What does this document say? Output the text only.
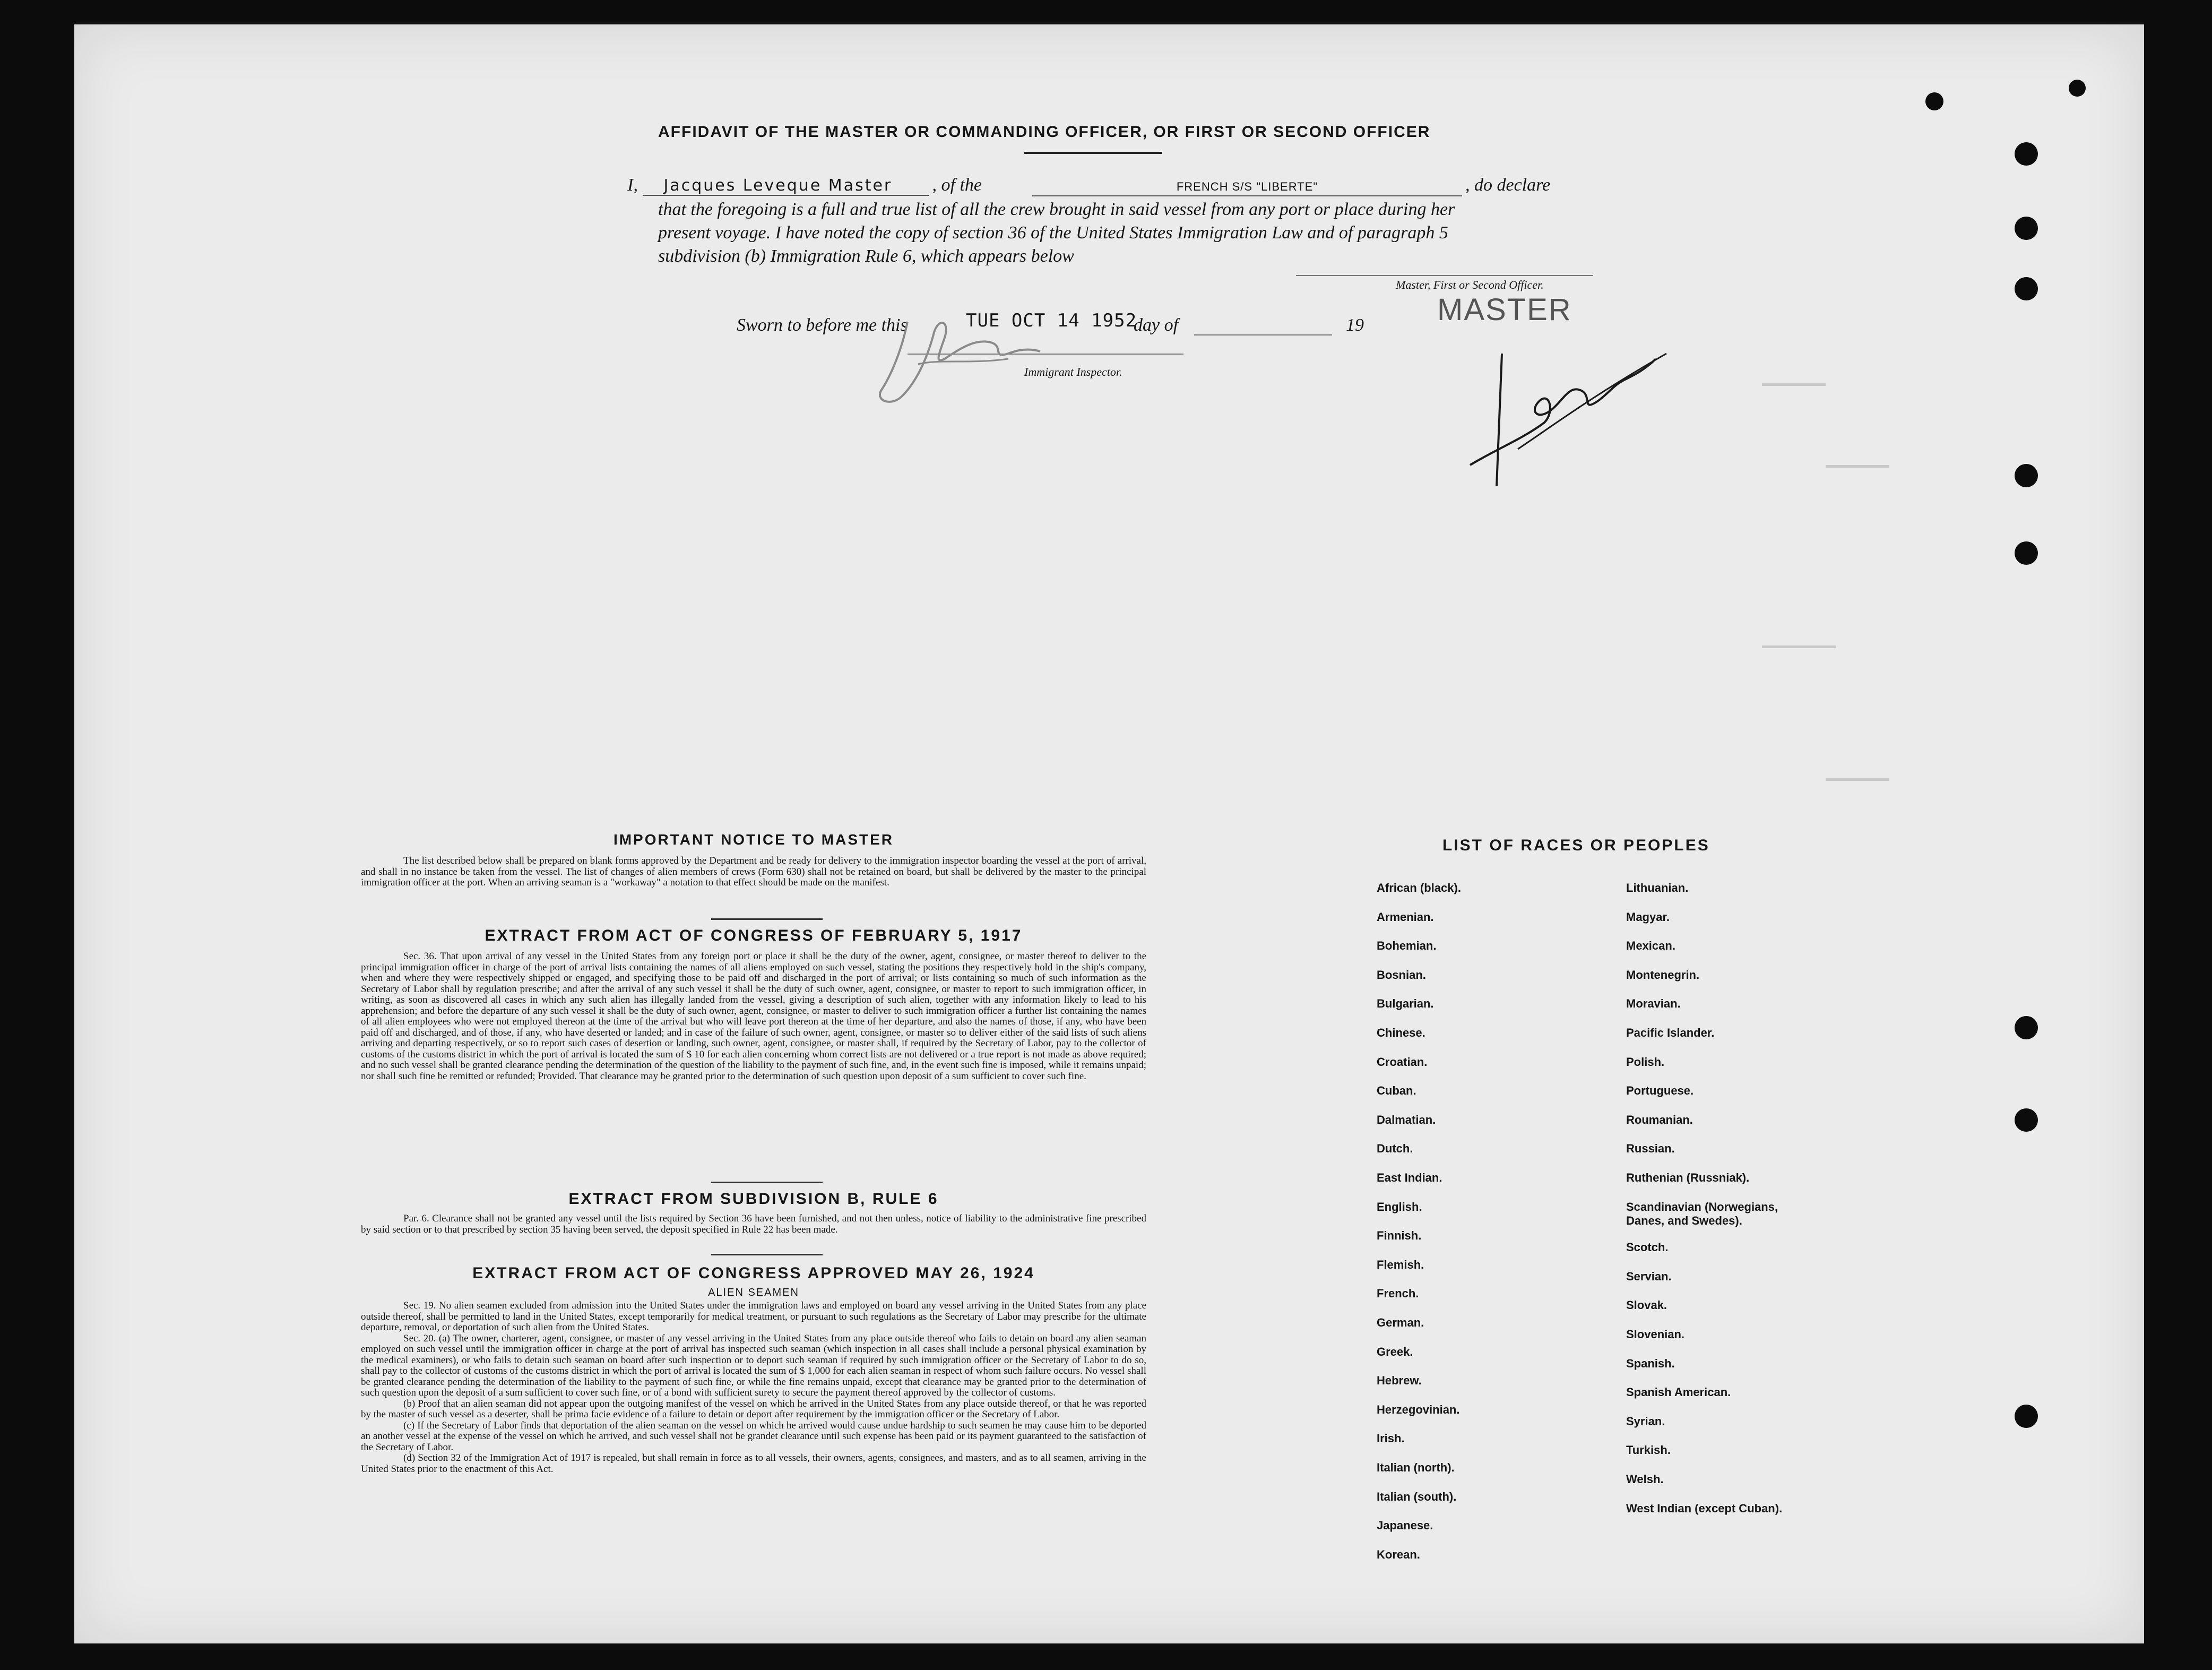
AFFIDAVIT OF THE MASTER OR COMMANDING OFFICER, OR FIRST OR SECOND OFFICER
I, Jacques Leveque Master , of the	FRENCH S/S "LIBERTE"	, do declare
that the foregoing is a full and true list of all the crew brought in said vessel from any port or place during her
present voyage. I have noted the copy of section 36 of the United States Immigration Law and of paragraph 5
subdivision (b) Immigration Rule 6, which appears below
Master, First or Second Officer.
Sworn to before me this	TUE OCT 14 1952
day of	19
Immigrant Inspector.
MASTER
IMPORTANT NOTICE TO MASTER
The list described below shall be prepared on blank forms approved by the Department and be ready for delivery to the immigration inspector boarding the vessel at the port of arrival, and shall in no instance be taken from the vessel. The list of changes of alien members of crews (Form 630) shall not be retained on board, but shall be delivered by the master to the principal immigration officer at the port. When an arriving seaman is a "workaway" a notation to that effect should be made on the manifest.
EXTRACT FROM ACT OF CONGRESS OF FEBRUARY 5, 1917
Sec. 36. That upon arrival of any vessel in the United States from any foreign port or place it shall be the duty of the owner, agent, consignee, or master thereof to deliver to the principal immigration officer in charge of the port of arrival lists containing the names of all aliens employed on such vessel, stating the positions they respectively hold in the ship's company, when and where they were respectively shipped or engaged, and specifying those to be paid off and discharged in the port of arrival; or lists containing so much of such information as the Secretary of Labor shall by regulation prescribe; and after the arrival of any such vessel it shall be the duty of such owner, agent, consignee, or master to report to such immigration officer, in writing, as soon as discovered all cases in which any such alien has illegally landed from the vessel, giving a description of such alien, together with any information likely to lead to his apprehension; and before the departure of any such vessel it shall be the duty of such owner, agent, consignee, or master to deliver to such immigration officer a further list containing the names of all alien employees who were not employed thereon at the time of the arrival but who will leave port thereon at the time of her departure, and also the names of those, if any, who have been paid off and discharged, and of those, if any, who have deserted or landed; and in case of the failure of such owner, agent, consignee, or master so to deliver either of the said lists of such aliens arriving and departing respectively, or so to report such cases of desertion or landing, such owner, agent, consignee, or master shall, if required by the Secretary of Labor, pay to the collector of customs of the customs district in which the port of arrival is located the sum of $ 10 for each alien concerning whom correct lists are not delivered or a true report is not made as above required; and no such vessel shall be granted clearance pending the determination of the question of the liability to the payment of such fine, and, in the event such fine is imposed, while it remains unpaid; nor shall such fine be remitted or refunded; Provided. That clearance may be granted prior to the determination of such question upon deposit of a sum sufficient to cover such fine.
EXTRACT FROM SUBDIVISION B, RULE 6
Par. 6. Clearance shall not be granted any vessel until the lists required by Section 36 have been furnished, and not then unless, notice of liability to the administrative fine prescribed by said section or to that prescribed by section 35 having been served, the deposit specified in Rule 22 has been made.
EXTRACT FROM ACT OF CONGRESS APPROVED MAY 26, 1924
ALIEN SEAMEN
Sec. 19. No alien seamen excluded from admission into the United States under the immigration laws and employed on board any vessel arriving in the United States from any place outside thereof, shall be permitted to land in the United States, except temporarily for medical treatment, or pursuant to such regulations as the Secretary of Labor may prescribe for the ultimate departure, removal, or deportation of such alien from the United States.
Sec. 20. (a) The owner, charterer, agent, consignee, or master of any vessel arriving in the United States from any place outside thereof who fails to detain on board any alien seaman employed on such vessel until the immigration officer in charge at the port of arrival has inspected such seaman (which inspection in all cases shall include a personal physical examination by the medical examiners), or who fails to detain such seaman on board after such inspection or to deport such seaman if required by such immigration officer or the Secretary of Labor to do so, shall pay to the collector of customs of the customs district in which the port of arrival is located the sum of $ 1,000 for each alien seaman in respect of whom such failure occurs. No vessel shall be granted clearance pending the determination of the liability to the payment of such fine, or while the fine remains unpaid, except that clearance may be granted prior to the determination of such question upon the deposit of a sum sufficient to cover such fine, or of a bond with sufficient surety to secure the payment thereof approved by the collector of customs.
(b) Proof that an alien seaman did not appear upon the outgoing manifest of the vessel on which he arrived in the United States from any place outside thereof, or that he was reported by the master of such vessel as a deserter, shall be prima facie evidence of a failure to detain or deport after requirement by the immigration officer or the Secretary of Labor.
(c) If the Secretary of Labor finds that deportation of the alien seaman on the vessel on which he arrived would cause undue hardship to such seamen he may cause him to be deported an another vessel at the expense of the vessel on which he arrived, and such vessel shall not be grandet clearance until such expense has been paid or its payment guaranteed to the satisfaction of the Secretary of Labor.
(d) Section 32 of the Immigration Act of 1917 is repealed, but shall remain in force as to all vessels, their owners, agents, consignees, and masters, and as to all seamen, arriving in the United States prior to the enactment of this Act.
LIST OF RACES OR PEOPLES
African (black).
Armenian.
Bohemian.
Bosnian.
Bulgarian.
Chinese.
Croatian.
Cuban.
Dalmatian.
Dutch.
East Indian.
English.
Finnish.
Flemish.
French.
German.
Greek.
Hebrew.
Herzegovinian.
Irish.
Italian (north).
Italian (south).
Japanese.
Korean.
Lithuanian.
Magyar.
Mexican.
Montenegrin.
Moravian.
Pacific Islander.
Polish.
Portuguese.
Roumanian.
Russian.
Ruthenian (Russniak).
Scandinavian (Norwegians, Danes, and Swedes).
Scotch.
Servian.
Slovak.
Slovenian.
Spanish.
Spanish American.
Syrian.
Turkish.
Welsh.
West Indian (except Cuban).
